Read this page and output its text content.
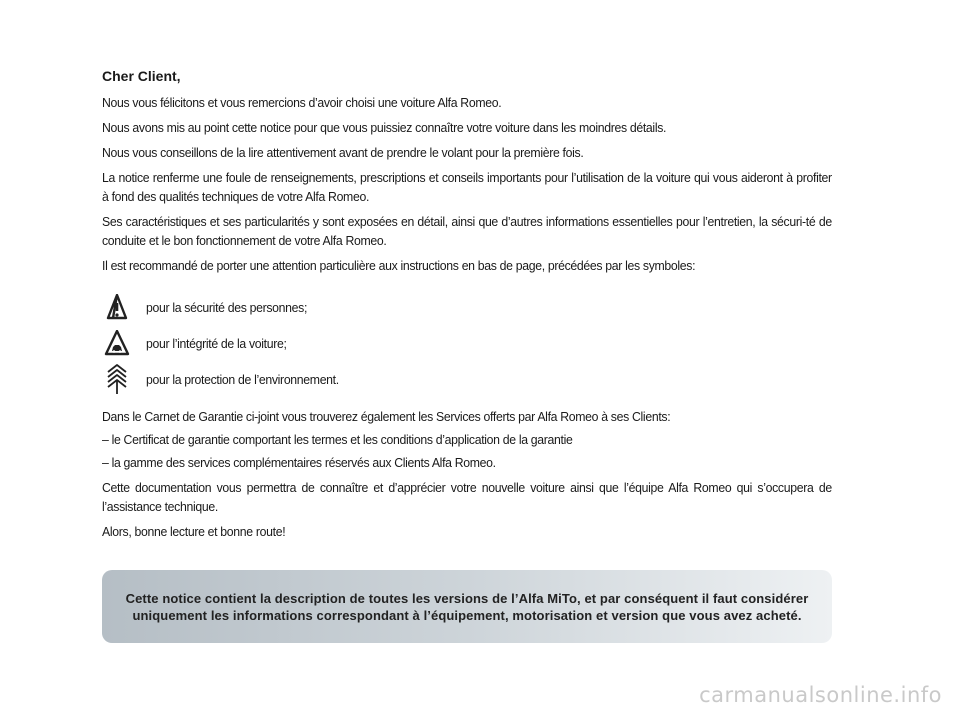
Cher Client,

Nous vous félicitons et vous remercions d’avoir choisi une voiture Alfa Romeo.

Nous avons mis au point cette notice pour que vous puissiez connaître votre voiture dans les moindres détails.

Nous vous conseillons de la lire attentivement avant de prendre le volant pour la première fois.

La notice renferme une foule de renseignements, prescriptions et conseils importants pour l’utilisation de la voiture qui vous aideront à profiter à fond des qualités techniques de votre Alfa Romeo.

Ses caractéristiques et ses particularités y sont exposées en détail, ainsi que d’autres informations essentielles pour l’entretien, la sécuri-té de conduite et le bon fonctionnement de votre Alfa Romeo.

Il est recommandé de porter une attention particulière aux instructions en bas de page, précédées par les symboles:

pour la sécurité des personnes;
pour l’intégrité de la voiture;
pour la protection de l’environnement.

Dans le Carnet de Garantie ci-joint vous trouverez également les Services offerts par Alfa Romeo à ses Clients:

– le Certificat de garantie comportant les termes et les conditions d’application de la garantie

– la gamme des services complémentaires réservés aux Clients Alfa Romeo.

Cette documentation vous permettra de connaître et d’apprécier votre nouvelle voiture ainsi que l’équipe Alfa Romeo qui s’occupera de l’assistance technique.

Alors, bonne lecture et bonne route!

Cette notice contient la description de toutes les versions de l’Alfa MiTo, et par conséquent il faut considérer uniquement les informations correspondant à l’équipement, motorisation et version que vous avez acheté.
carmanualsonline.info
